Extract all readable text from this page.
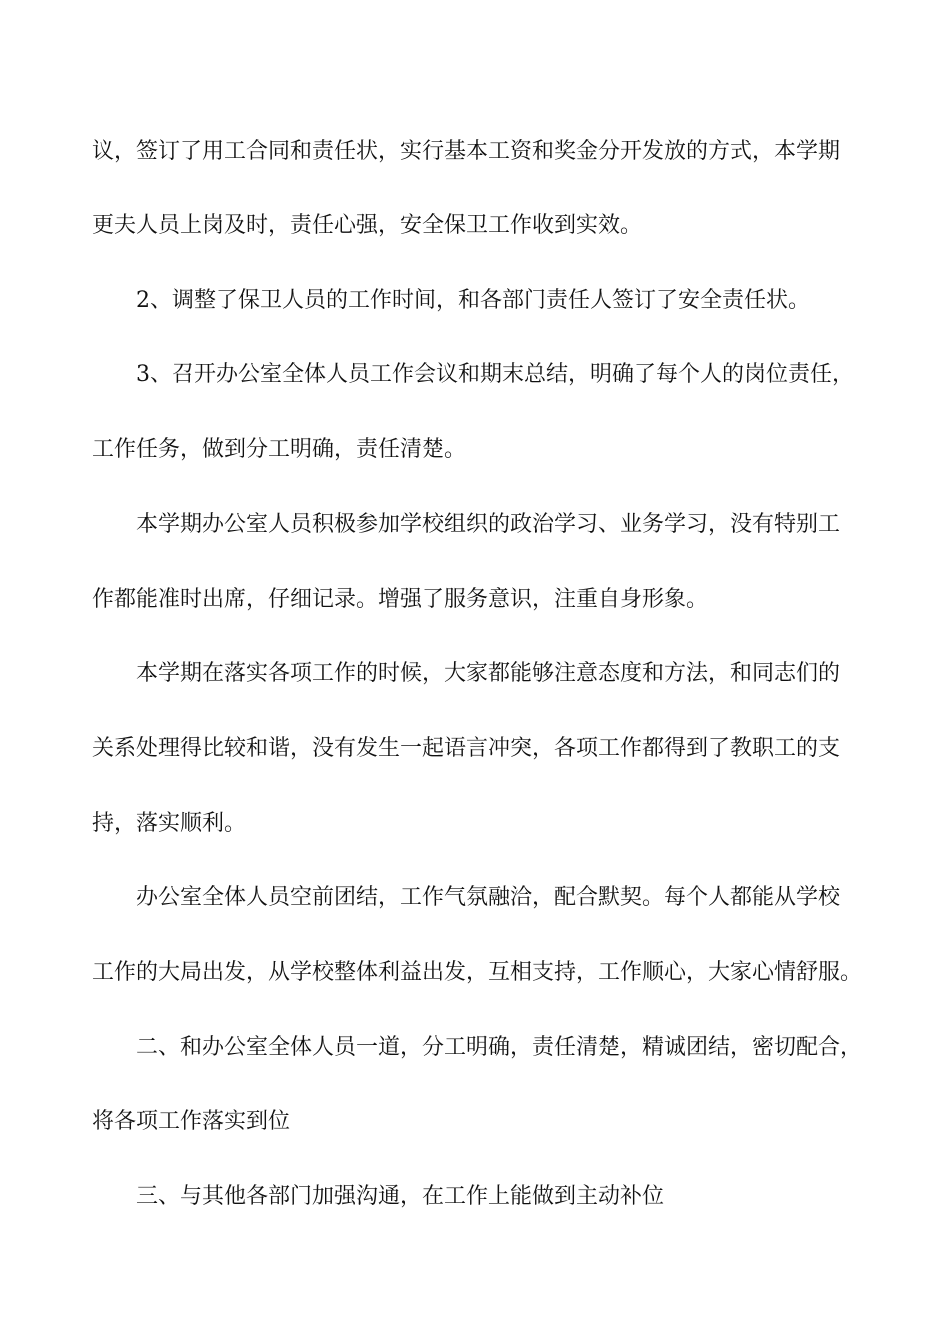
议，签订了用工合同和责任状，实行基本工资和奖金分开发放的方式，本学期
更夫人员上岗及时，责任心强，安全保卫工作收到实效。
2、调整了保卫人员的工作时间，和各部门责任人签订了安全责任状。
3、召开办公室全体人员工作会议和期末总结，明确了每个人的岗位责任，
工作任务，做到分工明确，责任清楚。
本学期办公室人员积极参加学校组织的政治学习、业务学习，没有特别工
作都能准时出席，仔细记录。增强了服务意识，注重自身形象。
本学期在落实各项工作的时候，大家都能够注意态度和方法，和同志们的
关系处理得比较和谐，没有发生一起语言冲突，各项工作都得到了教职工的支
持，落实顺利。
办公室全体人员空前团结，工作气氛融洽，配合默契。每个人都能从学校
工作的大局出发，从学校整体利益出发，互相支持，工作顺心，大家心情舒服。
二、和办公室全体人员一道，分工明确，责任清楚，精诚团结，密切配合，
将各项工作落实到位
三、与其他各部门加强沟通，在工作上能做到主动补位
